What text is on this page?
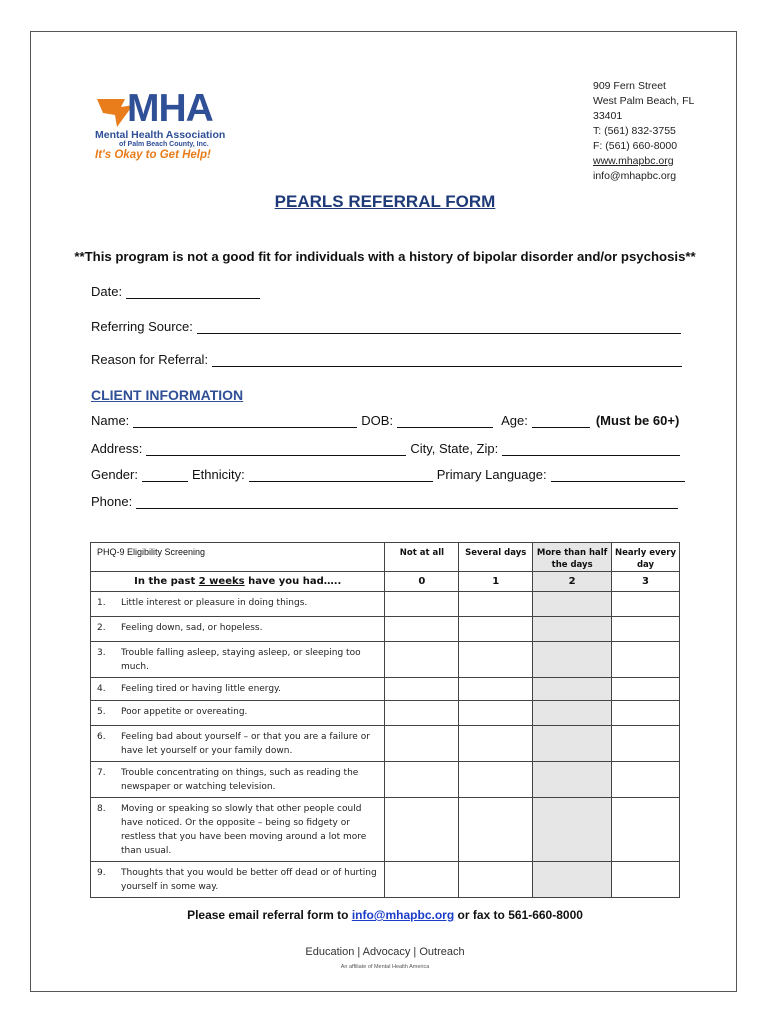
MHA
Mental Health Association
of Palm Beach County, Inc.
It's Okay to Get Help!
909 Fern Street
West Palm Beach, FL
33401
T: (561) 832-3755
F: (561) 660-8000
www.mhapbc.org
info@mhapbc.org
PEARLS REFERRAL FORM
**This program is not a good fit for individuals with a history of bipolar disorder and/or psychosis**
Date:
Referring Source:
Reason for Referral:
CLIENT INFORMATION
Name:	DOB:	Age:	(Must be 60+)
Address:	City, State, Zip:
Gender:	Ethnicity:	Primary Language:
Phone:
PHQ-9 Eligibility Screening	Not at all	Several days	More than half the days	Nearly every day
In the past 2 weeks have you had…..	0	1	2	3

1. Little interest or pleasure in doing things.				

2. Feeling down, sad, or hopeless.				

3. Trouble falling asleep, staying asleep, or sleeping too much.				

4. Feeling tired or having little energy.				

5. Poor appetite or overeating.				

6. Feeling bad about yourself – or that you are a failure or have let yourself or your family down.				

7. Trouble concentrating on things, such as reading the newspaper or watching television.				

8. Moving or speaking so slowly that other people could have noticed. Or the opposite – being so fidgety or restless that you have been moving around a lot more than usual.				

9. Thoughts that you would be better off dead or of hurting yourself in some way.				

Please email referral form to info@mhapbc.org or fax to 561-660-8000
Education | Advocacy | Outreach
An affiliate of Mental Health America
